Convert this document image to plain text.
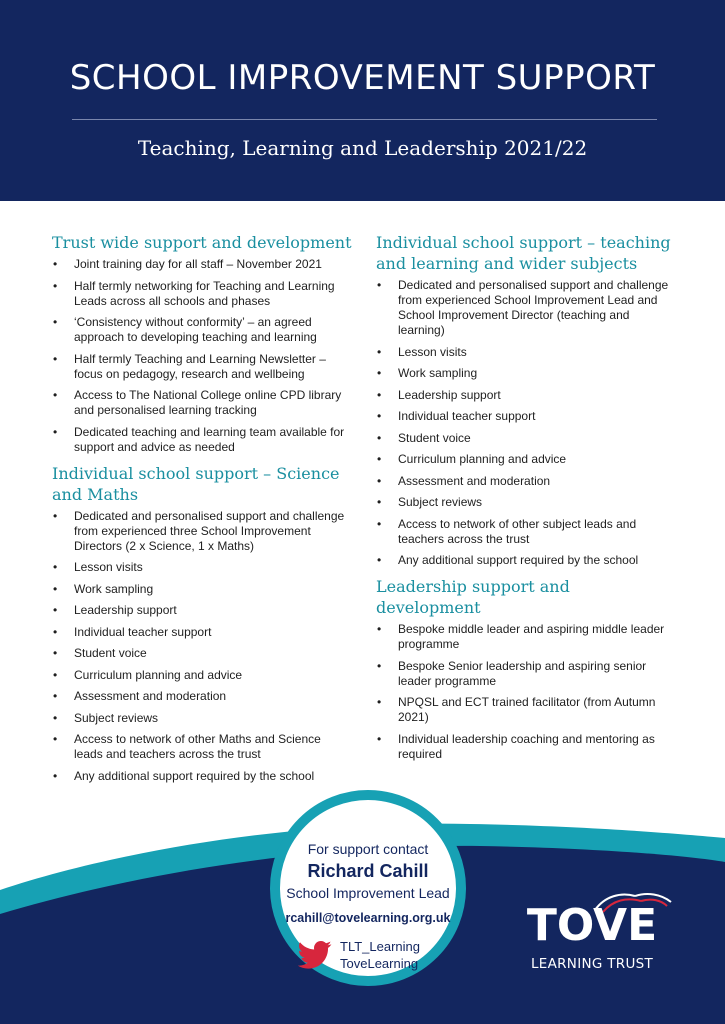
SCHOOL IMPROVEMENT SUPPORT
Teaching, Learning and Leadership 2021/22
Trust wide support and development
• Joint training day for all staff – November 2021
• Half termly networking for Teaching and Learning Leads across all schools and phases
• ‘Consistency without conformity’ – an agreed approach to developing teaching and learning
• Half termly Teaching and Learning Newsletter – focus on pedagogy, research and wellbeing
• Access to The National College online CPD library and personalised learning tracking
• Dedicated teaching and learning team available for support and advice as needed
Individual school support – Science and Maths
• Dedicated and personalised support and challenge from experienced three School Improvement Directors (2 x Science, 1 x Maths)
• Lesson visits
• Work sampling
• Leadership support
• Individual teacher support
• Student voice
• Curriculum planning and advice
• Assessment and moderation
• Subject reviews
• Access to network of other Maths and Science leads and teachers across the trust
• Any additional support required by the school
Individual school support – teaching and learning and wider subjects
• Dedicated and personalised support and challenge from experienced School Improvement Lead and School Improvement Director (teaching and learning)
• Lesson visits
• Work sampling
• Leadership support
• Individual teacher support
• Student voice
• Curriculum planning and advice
• Assessment and moderation
• Subject reviews
• Access to network of other subject leads and teachers across the trust
• Any additional support required by the school
Leadership support and development
• Bespoke middle leader and aspiring middle leader programme
• Bespoke Senior leadership and aspiring senior leader programme
• NPQSL and ECT trained facilitator (from Autumn 2021)
• Individual leadership coaching and mentoring as required
For support contact
Richard Cahill
School Improvement Lead
rcahill@tovelearning.org.uk
TLT_Learning
ToveLearning
TOVE
LEARNING TRUST
